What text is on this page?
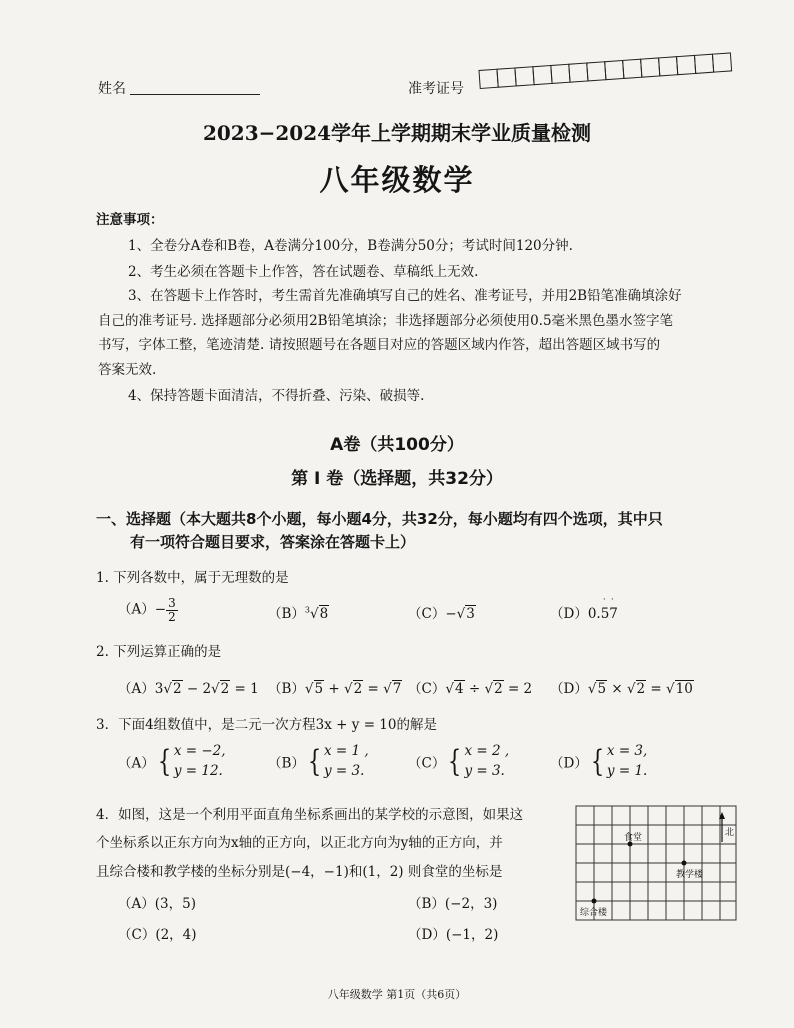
姓名	准考证号
2023−2024学年上学期期末学业质量检测
八年级数学
注意事项：
1、全卷分A卷和B卷，A卷满分100分，B卷满分50分；考试时间120分钟.
2、考生必须在答题卡上作答，答在试题卷、草稿纸上无效.
3、在答题卡上作答时，考生需首先准确填写自己的姓名、准考证号，并用2B铅笔准确填涂好
自己的准考证号. 选择题部分必须用2B铅笔填涂；非选择题部分必须使用0.5毫米黑色墨水签字笔
书写，字体工整，笔迹清楚. 请按照题号在各题目对应的答题区域内作答，超出答题区域书写的
答案无效.
4、保持答题卡面清洁，不得折叠、污染、破损等.
A卷（共100分）
第 I 卷（选择题，共32分）
一、选择题（本大题共8个小题，每小题4分，共32分，每小题均有四个选项，其中只
有一项符合题目要求，答案涂在答题卡上）
1. 下列各数中，属于无理数的是
$(A)- \frac{3}{2}$	$(B)^3√8$	（C）−√3	（D）0.57
˙ ˙
2. 下列运算正确的是
（A）3√2 − 2√2 = 1 （B）√5 + √2 = √7 （C）√4 ÷ √2 = 2 （D）√5 × √2 = √10
3．下面4组数值中，是二元一次方程3x + y = 10的解是
（A）{ x = −2,
y = 12.	（B）{ x = 1 ,
y = 3.	（C）{ x = 2 ,
y = 3.	（D）{ x = 3,
y = 1.
4．如图，这是一个利用平面直角坐标系画出的某学校的示意图，如果这
个坐标系以正东方向为x轴的正方向，以正北方向为y轴的正方向，并
且综合楼和教学楼的坐标分别是(−4，−1)和(1，2) 则食堂的坐标是
（A）(3，5)	（B）(−2，3)
（C）(2，4)	（D）(−1，2)
食堂
教学楼
综合楼
北
八年级数学 第1页（共6页）
